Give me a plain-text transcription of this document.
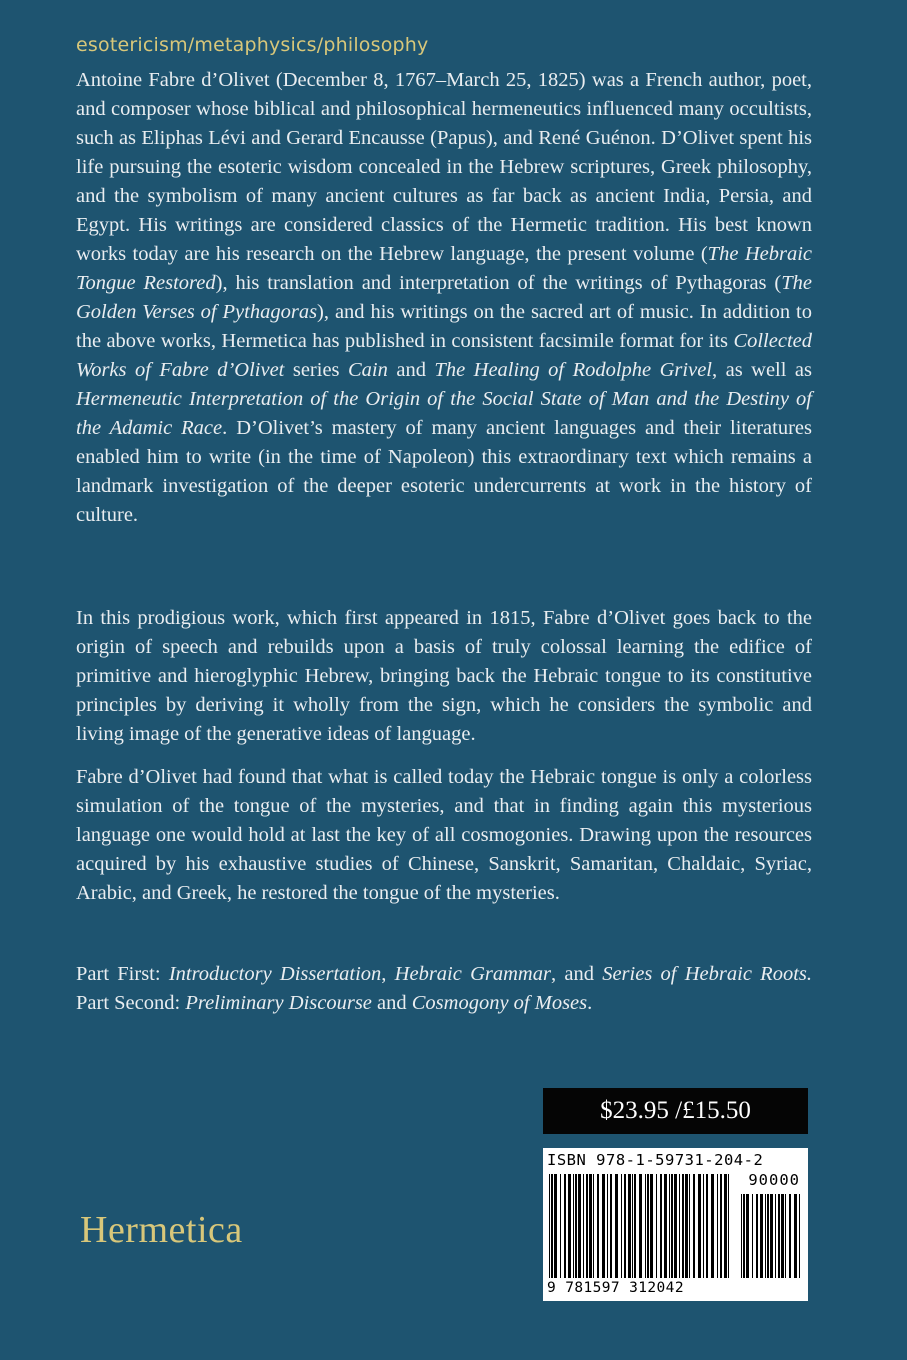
esotericism/metaphysics/philosophy

Antoine Fabre d’Olivet (December 8, 1767–March 25, 1825) was a French author, poet, and composer whose biblical and philosophical hermeneutics influenced many occultists, such as Eliphas Lévi and Gerard Encausse (Papus), and René Guénon. D’Olivet spent his life pursuing the esoteric wisdom concealed in the Hebrew scriptures, Greek philosophy, and the symbolism of many ancient cultures as far back as ancient India, Persia, and Egypt. His writings are considered classics of the Hermetic tradition. His best known works today are his research on the Hebrew language, the present volume (The Hebraic Tongue Restored), his translation and interpretation of the writings of Pythagoras (The Golden Verses of Pythagoras), and his writings on the sacred art of music. In addition to the above works, Hermetica has published in consistent facsimile format for its Collected Works of Fabre d’Olivet series Cain and The Healing of Rodolphe Grivel, as well as Hermeneutic Interpretation of the Origin of the Social State of Man and the Destiny of the Adamic Race. D’Olivet’s mastery of many ancient languages and their literatures enabled him to write (in the time of Napoleon) this extraordinary text which remains a landmark investigation of the deeper esoteric undercurrents at work in the history of culture.

In this prodigious work, which first appeared in 1815, Fabre d’Olivet goes back to the origin of speech and rebuilds upon a basis of truly colossal learning the edifice of primitive and hieroglyphic Hebrew, bringing back the Hebraic tongue to its constitutive principles by deriving it wholly from the sign, which he considers the symbolic and living image of the generative ideas of language.

Fabre d’Olivet had found that what is called today the Hebraic tongue is only a colorless simulation of the tongue of the mysteries, and that in finding again this mysterious language one would hold at last the key of all cosmogonies. Drawing upon the resources acquired by his exhaustive studies of Chinese, Sanskrit, Samaritan, Chaldaic, Syriac, Arabic, and Greek, he restored the tongue of the mysteries.

Part First: Introductory Dissertation, Hebraic Grammar, and Series of Hebraic Roots. Part Second: Preliminary Discourse and Cosmogony of Moses.

$23.95 /£15.50
ISBN 978-1-59731-204-2
90000
9 781597 312042
Hermetica
